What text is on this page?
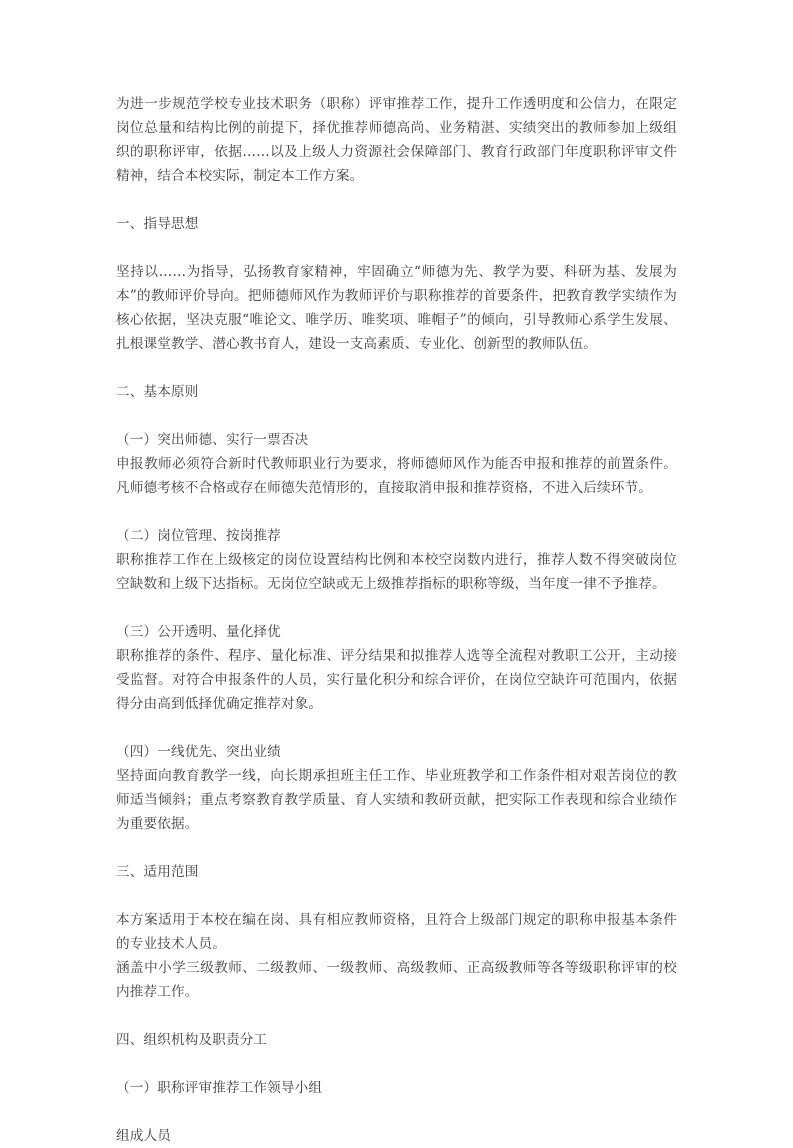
为进一步规范学校专业技术职务（职称）评审推荐工作，提升工作透明度和公信力，在限定岗位总量和结构比例的前提下，择优推荐师德高尚、业务精湛、实绩突出的教师参加上级组织的职称评审，依据……以及上级人力资源社会保障部门、教育行政部门年度职称评审文件精神，结合本校实际，制定本工作方案。

一、指导思想

坚持以……为指导，弘扬教育家精神，牢固确立“师德为先、教学为要、科研为基、发展为本”的教师评价导向。把师德师风作为教师评价与职称推荐的首要条件，把教育教学实绩作为核心依据，坚决克服“唯论文、唯学历、唯奖项、唯帽子”的倾向，引导教师心系学生发展、扎根课堂教学、潜心教书育人，建设一支高素质、专业化、创新型的教师队伍。

二、基本原则

（一）突出师德、实行一票否决

申报教师必须符合新时代教师职业行为要求，将师德师风作为能否申报和推荐的前置条件。凡师德考核不合格或存在师德失范情形的，直接取消申报和推荐资格，不进入后续环节。

（二）岗位管理、按岗推荐

职称推荐工作在上级核定的岗位设置结构比例和本校空岗数内进行，推荐人数不得突破岗位空缺数和上级下达指标。无岗位空缺或无上级推荐指标的职称等级，当年度一律不予推荐。

（三）公开透明、量化择优

职称推荐的条件、程序、量化标准、评分结果和拟推荐人选等全流程对教职工公开，主动接受监督。对符合申报条件的人员，实行量化积分和综合评价，在岗位空缺许可范围内，依据得分由高到低择优确定推荐对象。

（四）一线优先、突出业绩

坚持面向教育教学一线，向长期承担班主任工作、毕业班教学和工作条件相对艰苦岗位的教师适当倾斜；重点考察教育教学质量、育人实绩和教研贡献，把实际工作表现和综合业绩作为重要依据。

三、适用范围

本方案适用于本校在编在岗、具有相应教师资格，且符合上级部门规定的职称申报基本条件的专业技术人员。

涵盖中小学三级教师、二级教师、一级教师、高级教师、正高级教师等各等级职称评审的校内推荐工作。

四、组织机构及职责分工

（一）职称评审推荐工作领导小组

组成人员
